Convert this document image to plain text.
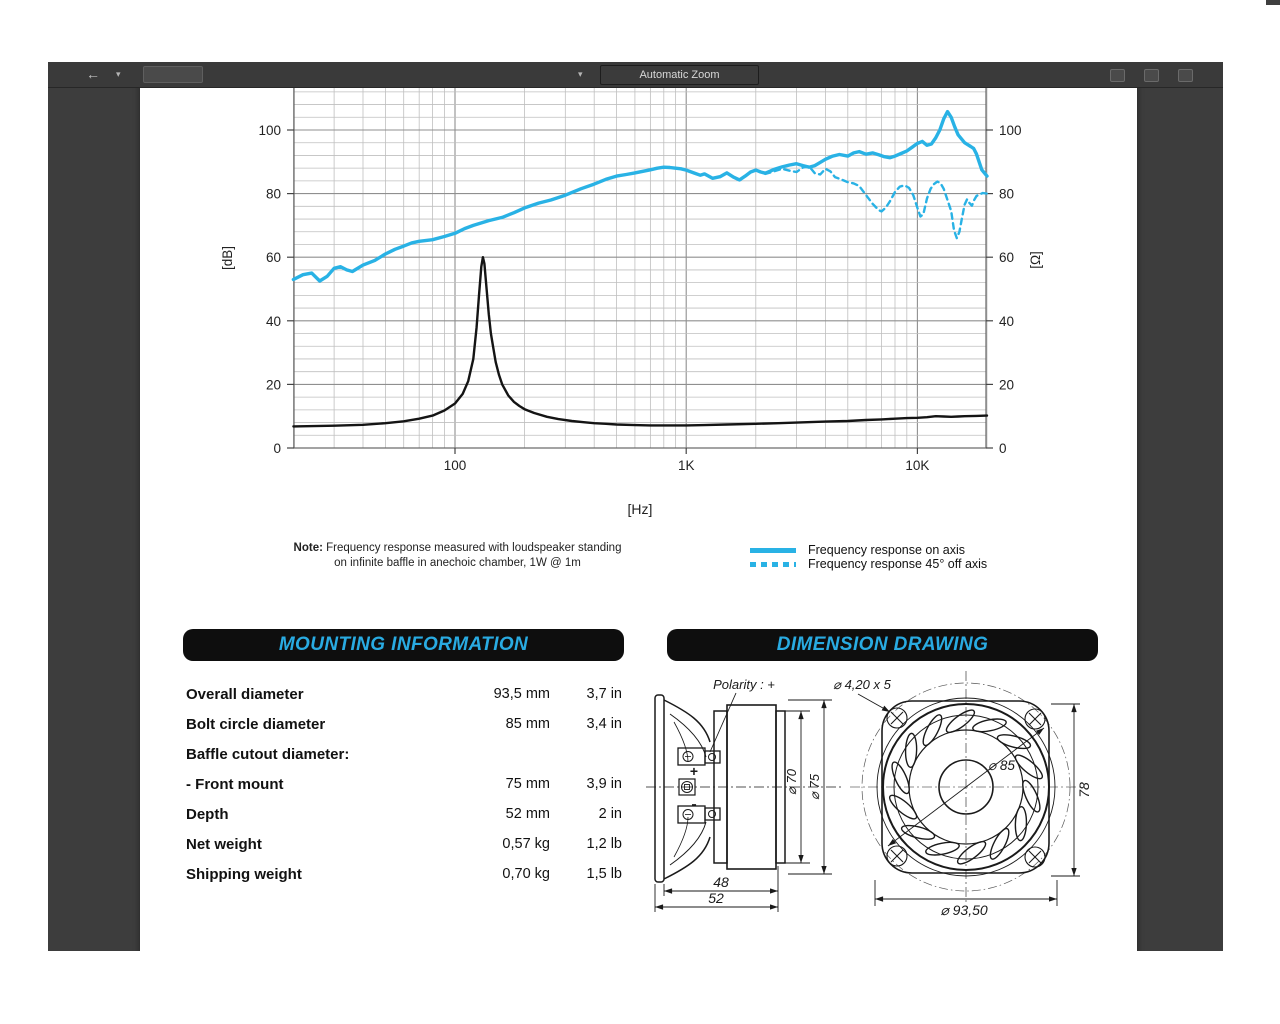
0	0
20	20
40	40
60	60
80	80
100	100
100	1K	10K
[dB]	[Ω]
[Hz]
Note: Frequency response measured with loudspeaker standing
on infinite baffle in anechoic chamber, 1W @ 1m
Frequency response on axis
Frequency response 45° off axis
MOUNTING INFORMATION	DIMENSION DRAWING
Overall diameter	93,5 mm	3,7 in
Bolt circle diameter	85 mm	3,4 in
Baffle cutout diameter:
- Front mount	75 mm	3,9 in
Depth	52 mm	2 in
Net weight	0,57 kg	1,2 lb
Shipping weight	0,70 kg	1,5 lb
+
-
⌀ 70 ⌀ 75
48
52
Polarity : +	⌀ 4,20 x 5
⌀ 85
78
⌀ 93,50
← ▾	▾	Automatic Zoom
